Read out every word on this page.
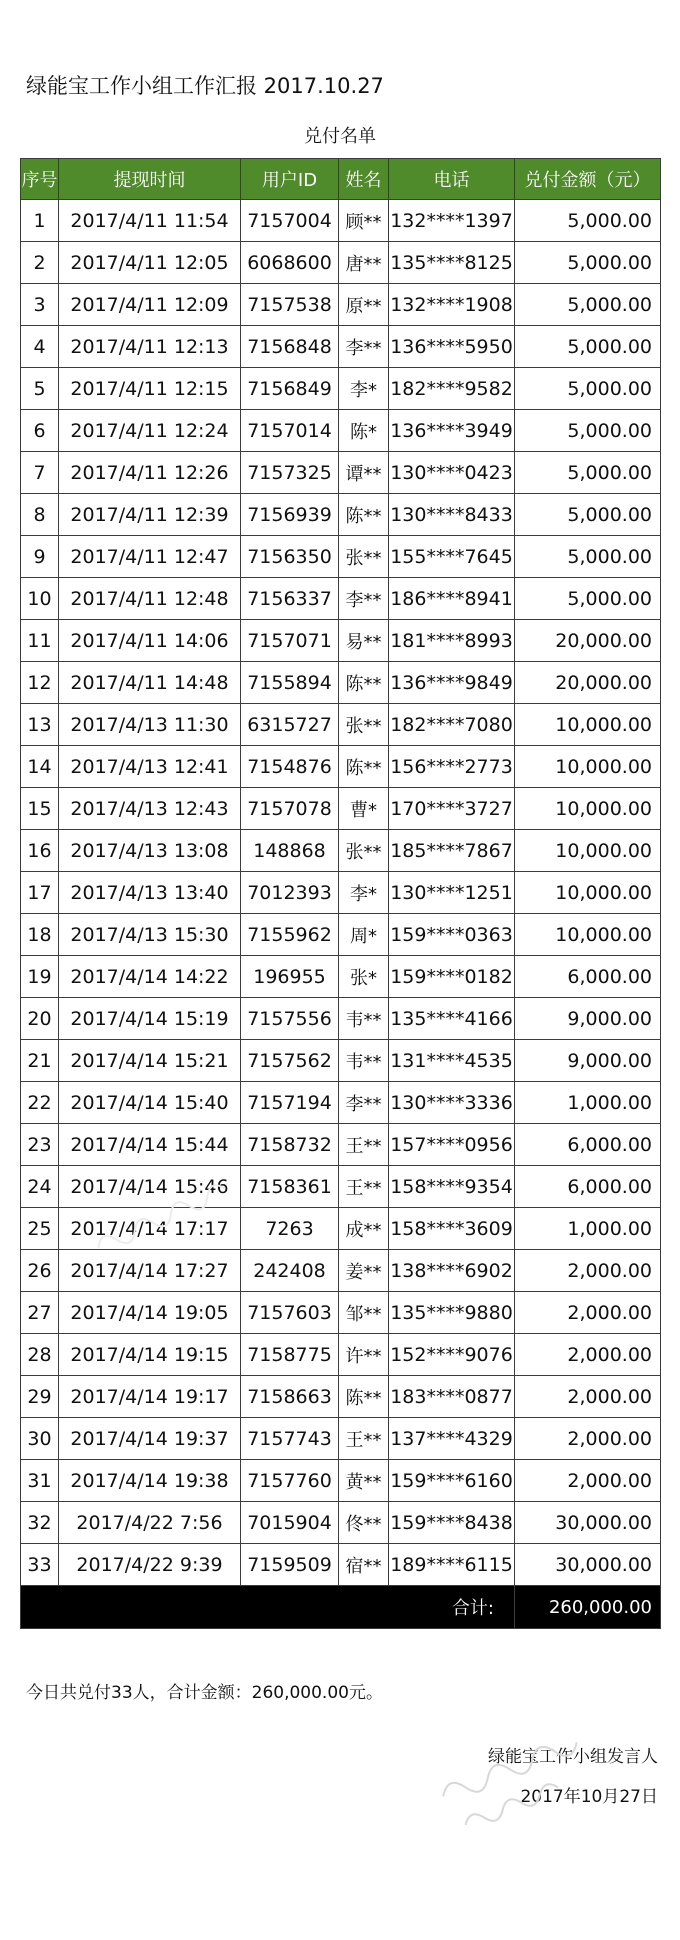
绿能宝工作小组工作汇报 2017.10.27
兑付名单
序号	提现时间	用户ID	姓名	电话	兑付金额（元）
1	2017/4/11 11:54	7157004	顾**	132****1397	5,000.00
2	2017/4/11 12:05	6068600	唐**	135****8125	5,000.00
3	2017/4/11 12:09	7157538	原**	132****1908	5,000.00
4	2017/4/11 12:13	7156848	李**	136****5950	5,000.00
5	2017/4/11 12:15	7156849	李*	182****9582	5,000.00
6	2017/4/11 12:24	7157014	陈*	136****3949	5,000.00
7	2017/4/11 12:26	7157325	谭**	130****0423	5,000.00
8	2017/4/11 12:39	7156939	陈**	130****8433	5,000.00
9	2017/4/11 12:47	7156350	张**	155****7645	5,000.00
10	2017/4/11 12:48	7156337	李**	186****8941	5,000.00
11	2017/4/11 14:06	7157071	易**	181****8993	20,000.00
12	2017/4/11 14:48	7155894	陈**	136****9849	20,000.00
13	2017/4/13 11:30	6315727	张**	182****7080	10,000.00
14	2017/4/13 12:41	7154876	陈**	156****2773	10,000.00
15	2017/4/13 12:43	7157078	曹*	170****3727	10,000.00
16	2017/4/13 13:08	148868	张**	185****7867	10,000.00
17	2017/4/13 13:40	7012393	李*	130****1251	10,000.00
18	2017/4/13 15:30	7155962	周*	159****0363	10,000.00
19	2017/4/14 14:22	196955	张*	159****0182	6,000.00
20	2017/4/14 15:19	7157556	韦**	135****4166	9,000.00
21	2017/4/14 15:21	7157562	韦**	131****4535	9,000.00
22	2017/4/14 15:40	7157194	李**	130****3336	1,000.00
23	2017/4/14 15:44	7158732	王**	157****0956	6,000.00
24	2017/4/14 15:46	7158361	王**	158****9354	6,000.00
25	2017/4/14 17:17	7263	成**	158****3609	1,000.00
26	2017/4/14 17:27	242408	姜**	138****6902	2,000.00
27	2017/4/14 19:05	7157603	邹**	135****9880	2,000.00
28	2017/4/14 19:15	7158775	许**	152****9076	2,000.00
29	2017/4/14 19:17	7158663	陈**	183****0877	2,000.00
30	2017/4/14 19:37	7157743	王**	137****4329	2,000.00
31	2017/4/14 19:38	7157760	黄**	159****6160	2,000.00
32	2017/4/22 7:56	7015904	佟**	159****8438	30,000.00
33	2017/4/22 9:39	7159509	宿**	189****6115	30,000.00
合计:					260,000.00
今日共兑付33人，合计金额：260,000.00元。
绿能宝工作小组发言人
2017年10月27日
